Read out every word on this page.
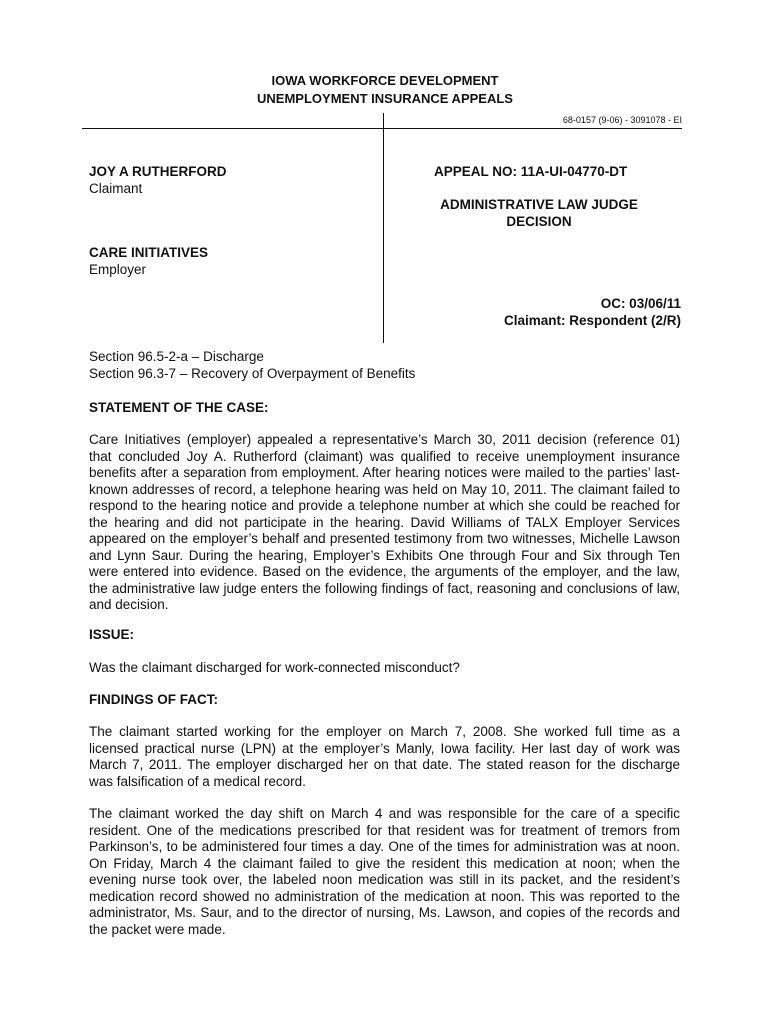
IOWA WORKFORCE DEVELOPMENT
UNEMPLOYMENT INSURANCE APPEALS
68-0157 (9-06) - 3091078 - EI
JOY A RUTHERFORD
Claimant
CARE INITIATIVES
Employer
APPEAL NO: 11A-UI-04770-DT
ADMINISTRATIVE LAW JUDGE
DECISION
OC: 03/06/11
Claimant: Respondent (2/R)
Section 96.5-2-a – Discharge
Section 96.3-7 – Recovery of Overpayment of Benefits
STATEMENT OF THE CASE:
Care Initiatives (employer) appealed a representative’s March 30, 2011 decision (reference 01) that concluded Joy A. Rutherford (claimant) was qualified to receive unemployment insurance benefits after a separation from employment. After hearing notices were mailed to the parties’ last-known addresses of record, a telephone hearing was held on May 10, 2011. The claimant failed to respond to the hearing notice and provide a telephone number at which she could be reached for the hearing and did not participate in the hearing. David Williams of TALX Employer Services appeared on the employer’s behalf and presented testimony from two witnesses, Michelle Lawson and Lynn Saur. During the hearing, Employer’s Exhibits One through Four and Six through Ten were entered into evidence. Based on the evidence, the arguments of the employer, and the law, the administrative law judge enters the following findings of fact, reasoning and conclusions of law, and decision.
ISSUE:
Was the claimant discharged for work-connected misconduct?
FINDINGS OF FACT:
The claimant started working for the employer on March 7, 2008. She worked full time as a licensed practical nurse (LPN) at the employer’s Manly, Iowa facility. Her last day of work was March 7, 2011. The employer discharged her on that date. The stated reason for the discharge was falsification of a medical record.
The claimant worked the day shift on March 4 and was responsible for the care of a specific resident. One of the medications prescribed for that resident was for treatment of tremors from Parkinson’s, to be administered four times a day. One of the times for administration was at noon. On Friday, March 4 the claimant failed to give the resident this medication at noon; when the evening nurse took over, the labeled noon medication was still in its packet, and the resident’s medication record showed no administration of the medication at noon. This was reported to the administrator, Ms. Saur, and to the director of nursing, Ms. Lawson, and copies of the records and the packet were made.
